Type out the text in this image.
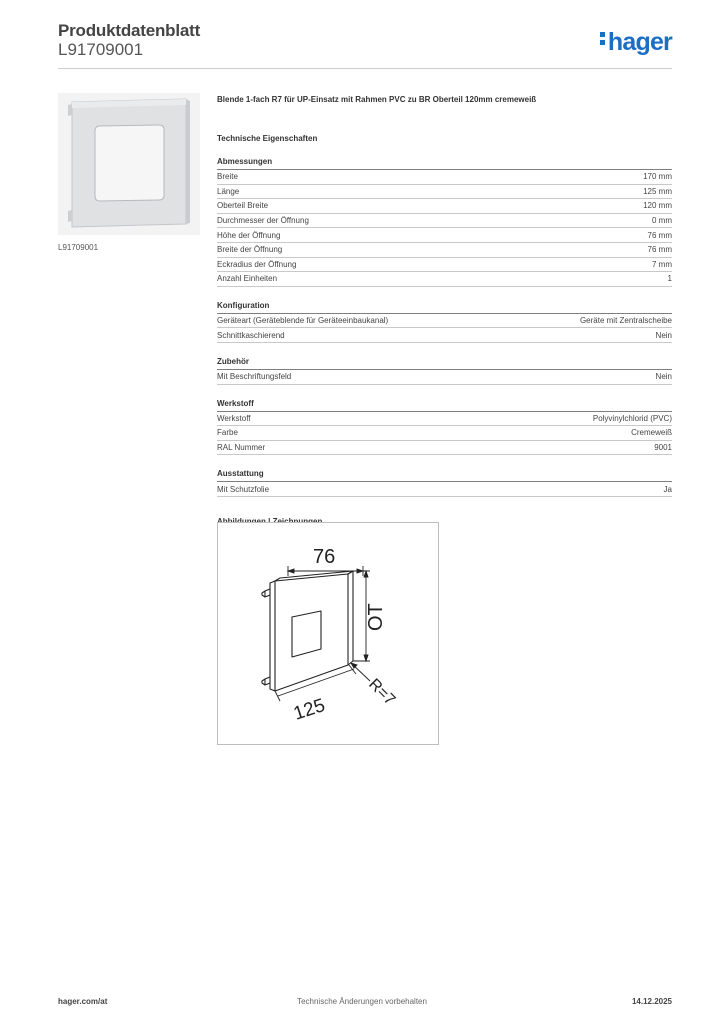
Produktdatenblatt
L91709001	hager
L91709001
Blende 1-fach R7 für UP-Einsatz mit Rahmen PVC zu BR Oberteil 120mm cremeweiß
Technische Eigenschaften
Abmessungen
Breite	170 mm
Länge	125 mm
Oberteil Breite	120 mm
Durchmesser der Öffnung	0 mm
Höhe der Öffnung	76 mm
Breite der Öffnung	76 mm
Eckradius der Öffnung	7 mm
Anzahl Einheiten	1
Konfiguration
Geräteart (Geräteblende für Geräteeinbaukanal)	Geräte mit Zentralscheibe
Schnittkaschierend	Nein
Zubehör
Mit Beschriftungsfeld	Nein
Werkstoff
Werkstoff	Polyvinylchlorid (PVC)
Farbe	Cremeweiß
RAL Nummer	9001
Ausstattung
Mit Schutzfolie	Ja
76
OT
125
R=7
hager.com/at	Technische Änderungen vorbehalten	14.12.2025
